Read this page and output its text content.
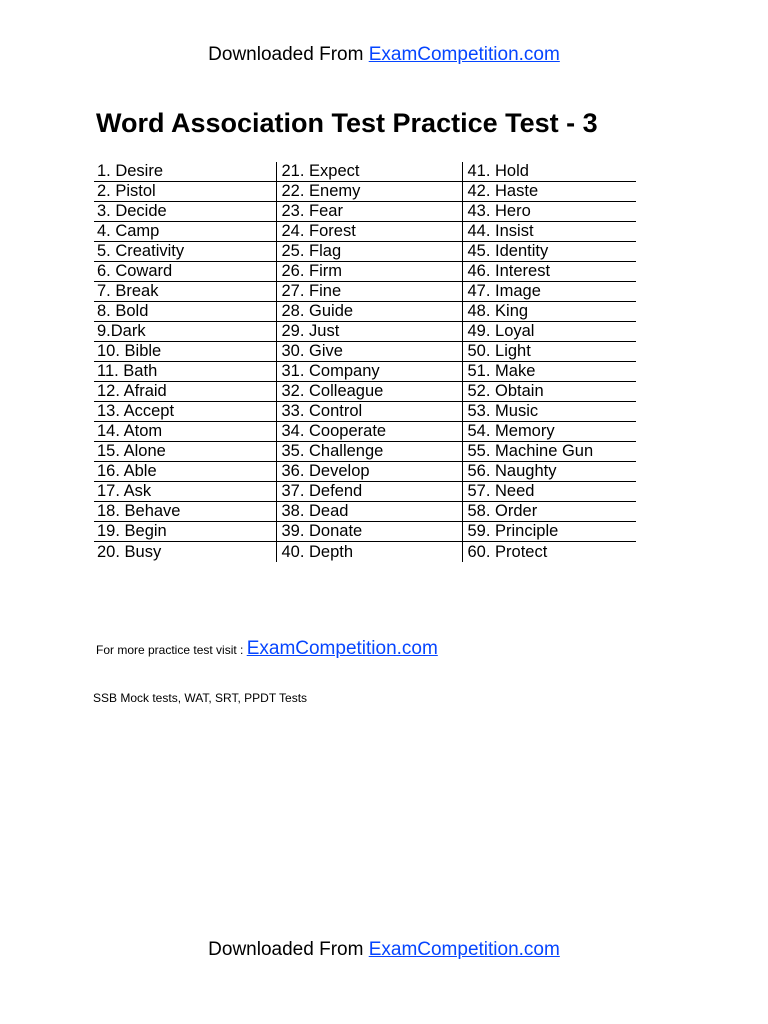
Downloaded From ExamCompetition.com
Word Association Test Practice Test - 3
1. Desire	21. Expect	41. Hold
2. Pistol	22. Enemy	42. Haste
3. Decide	23. Fear	43. Hero
4. Camp	24. Forest	44. Insist
5. Creativity	25. Flag	45. Identity
6. Coward	26. Firm	46. Interest
7. Break	27. Fine	47. Image
8. Bold	28. Guide	48. King
9.Dark	29. Just	49. Loyal
10. Bible	30. Give	50. Light
11. Bath	31. Company	51. Make
12. Afraid	32. Colleague	52. Obtain
13. Accept	33. Control	53. Music
14. Atom	34. Cooperate	54. Memory
15. Alone	35. Challenge	55. Machine Gun
16. Able	36. Develop	56. Naughty
17. Ask	37. Defend	57. Need
18. Behave	38. Dead	58. Order
19. Begin	39. Donate	59. Principle
20. Busy	40. Depth	60. Protect
For more practice test visit : ExamCompetition.com
SSB Mock tests, WAT, SRT, PPDT Tests
Downloaded From ExamCompetition.com
